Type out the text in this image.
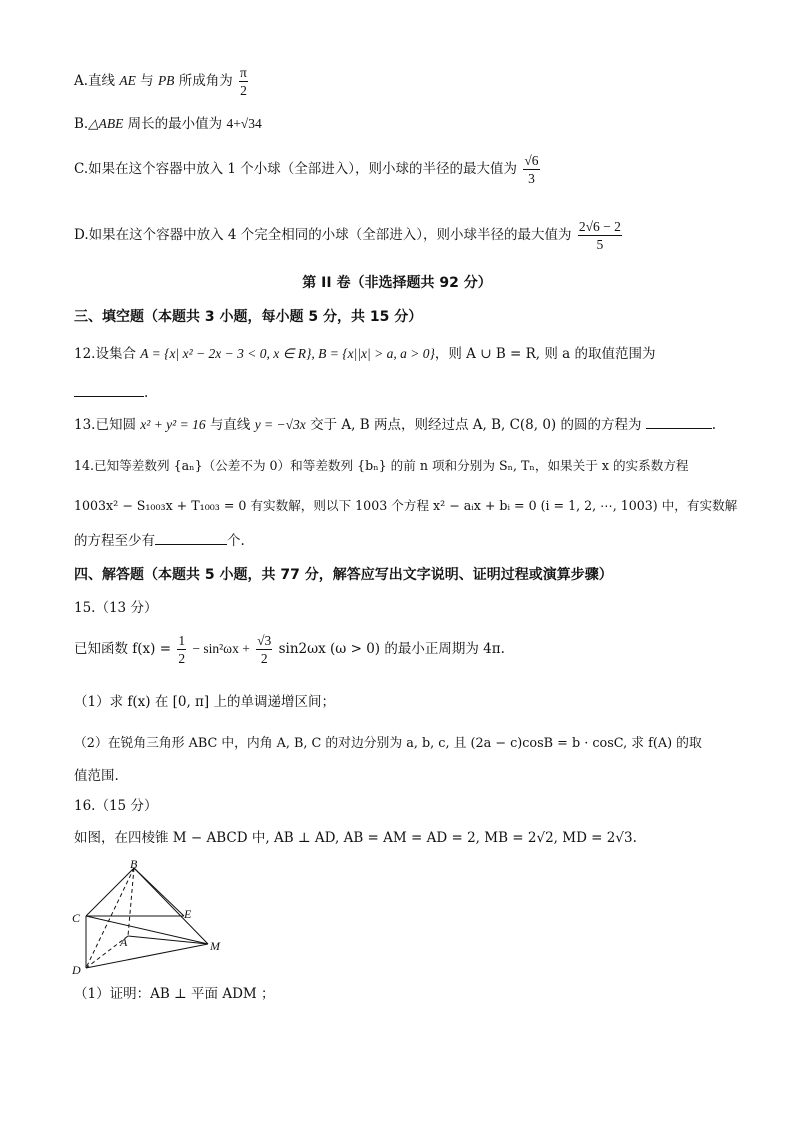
A.直线 AE 与 PB 所成角为 $\frac{\pi}{2}$
B.△ABE 周长的最小值为 4+√34
C.如果在这个容器中放入 1 个小球（全部进入），则小球的半径的最大值为 $\frac{√6}{3}$
D.如果在这个容器中放入 4 个完全相同的小球（全部进入），则小球半径的最大值为 $\frac{2√6 - 2}{5}$
第 II 卷（非选择题共 92 分）
三、填空题（本题共 3 小题，每小题 5 分，共 15 分）
12.设集合 A = {x| x² − 2x − 3 < 0, x ∈ R}, B = {x||x| > a, a > 0}，则 A ∪ B = R, 则 a 的取值范围为
.
13.已知圆 x² + y² = 16 与直线 y = −√3x 交于 A, B 两点，则经过点 A, B, C(8, 0) 的圆的方程为	.
14.已知等差数列 {aₙ}（公差不为 0）和等差数列 {bₙ} 的前 n 项和分别为 Sₙ, Tₙ，如果关于 x 的实系数方程
1003x² − S₁₀₀₃x + T₁₀₀₃ = 0 有实数解，则以下 1003 个方程 x² − aᵢx + bᵢ = 0 (i = 1, 2, ⋯, 1003) 中，有实数解
的方程至少有	个.
四、解答题（本题共 5 小题，共 77 分，解答应写出文字说明、证明过程或演算步骤）
15.（13 分）
已知函数 $f(x) = \frac{1}{2} - \sin^2\omega x + \frac{√3}{2} \sin 2\omega x$ (ω > 0) 的最小正周期为 4π.
（1）求 f(x) 在 [0, π] 上的单调递增区间；
（2）在锐角三角形 ABC 中，内角 A, B, C 的对边分别为 a, b, c, 且 (2a − c)cosB = b · cosC, 求 f(A) 的取
值范围.
16.（15 分）
如图，在四棱锥 M − ABCD 中, AB ⊥ AD, AB = AM = AD = 2, MB = 2√2, MD = 2√3.
B
C	E
A	M
D
（1）证明：AB ⊥ 平面 ADM ；
